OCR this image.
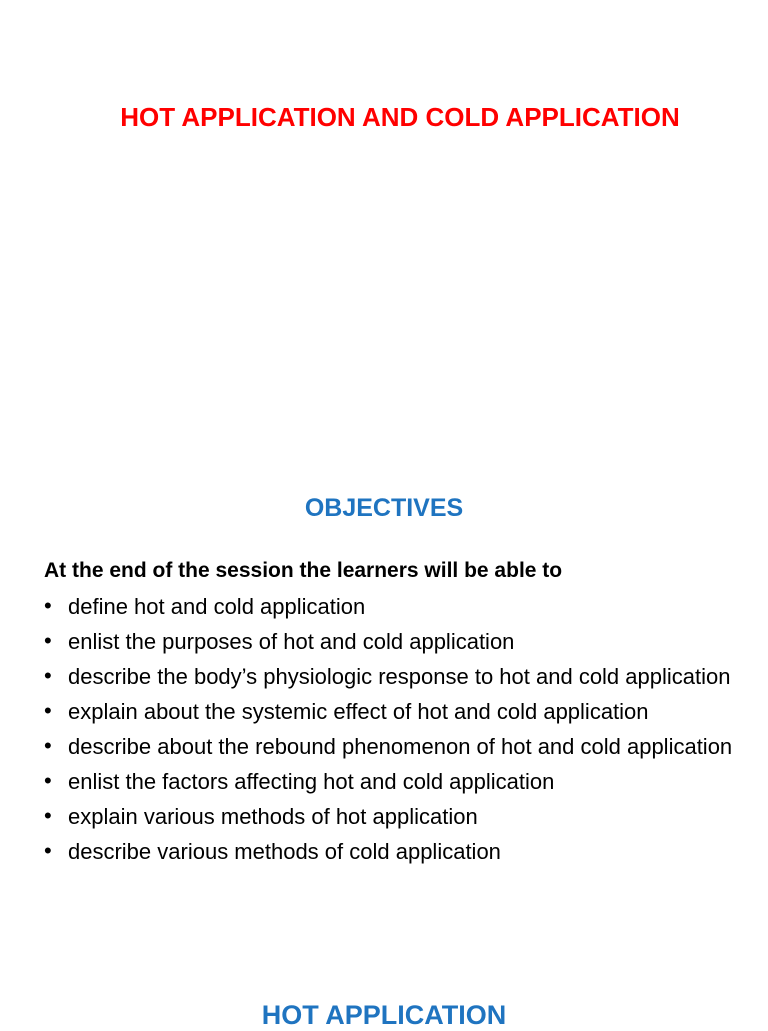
HOT APPLICATION AND COLD APPLICATION
OBJECTIVES
At the end of the session the learners will be able to
• define hot and cold application
• enlist the purposes of hot and cold application
• describe the body’s physiologic response to hot and cold application
• explain about the systemic effect of hot and cold application
• describe about the rebound phenomenon of hot and cold application
• enlist the factors affecting hot and cold application
• explain various methods of hot application
• describe various methods of cold application
HOT APPLICATION
